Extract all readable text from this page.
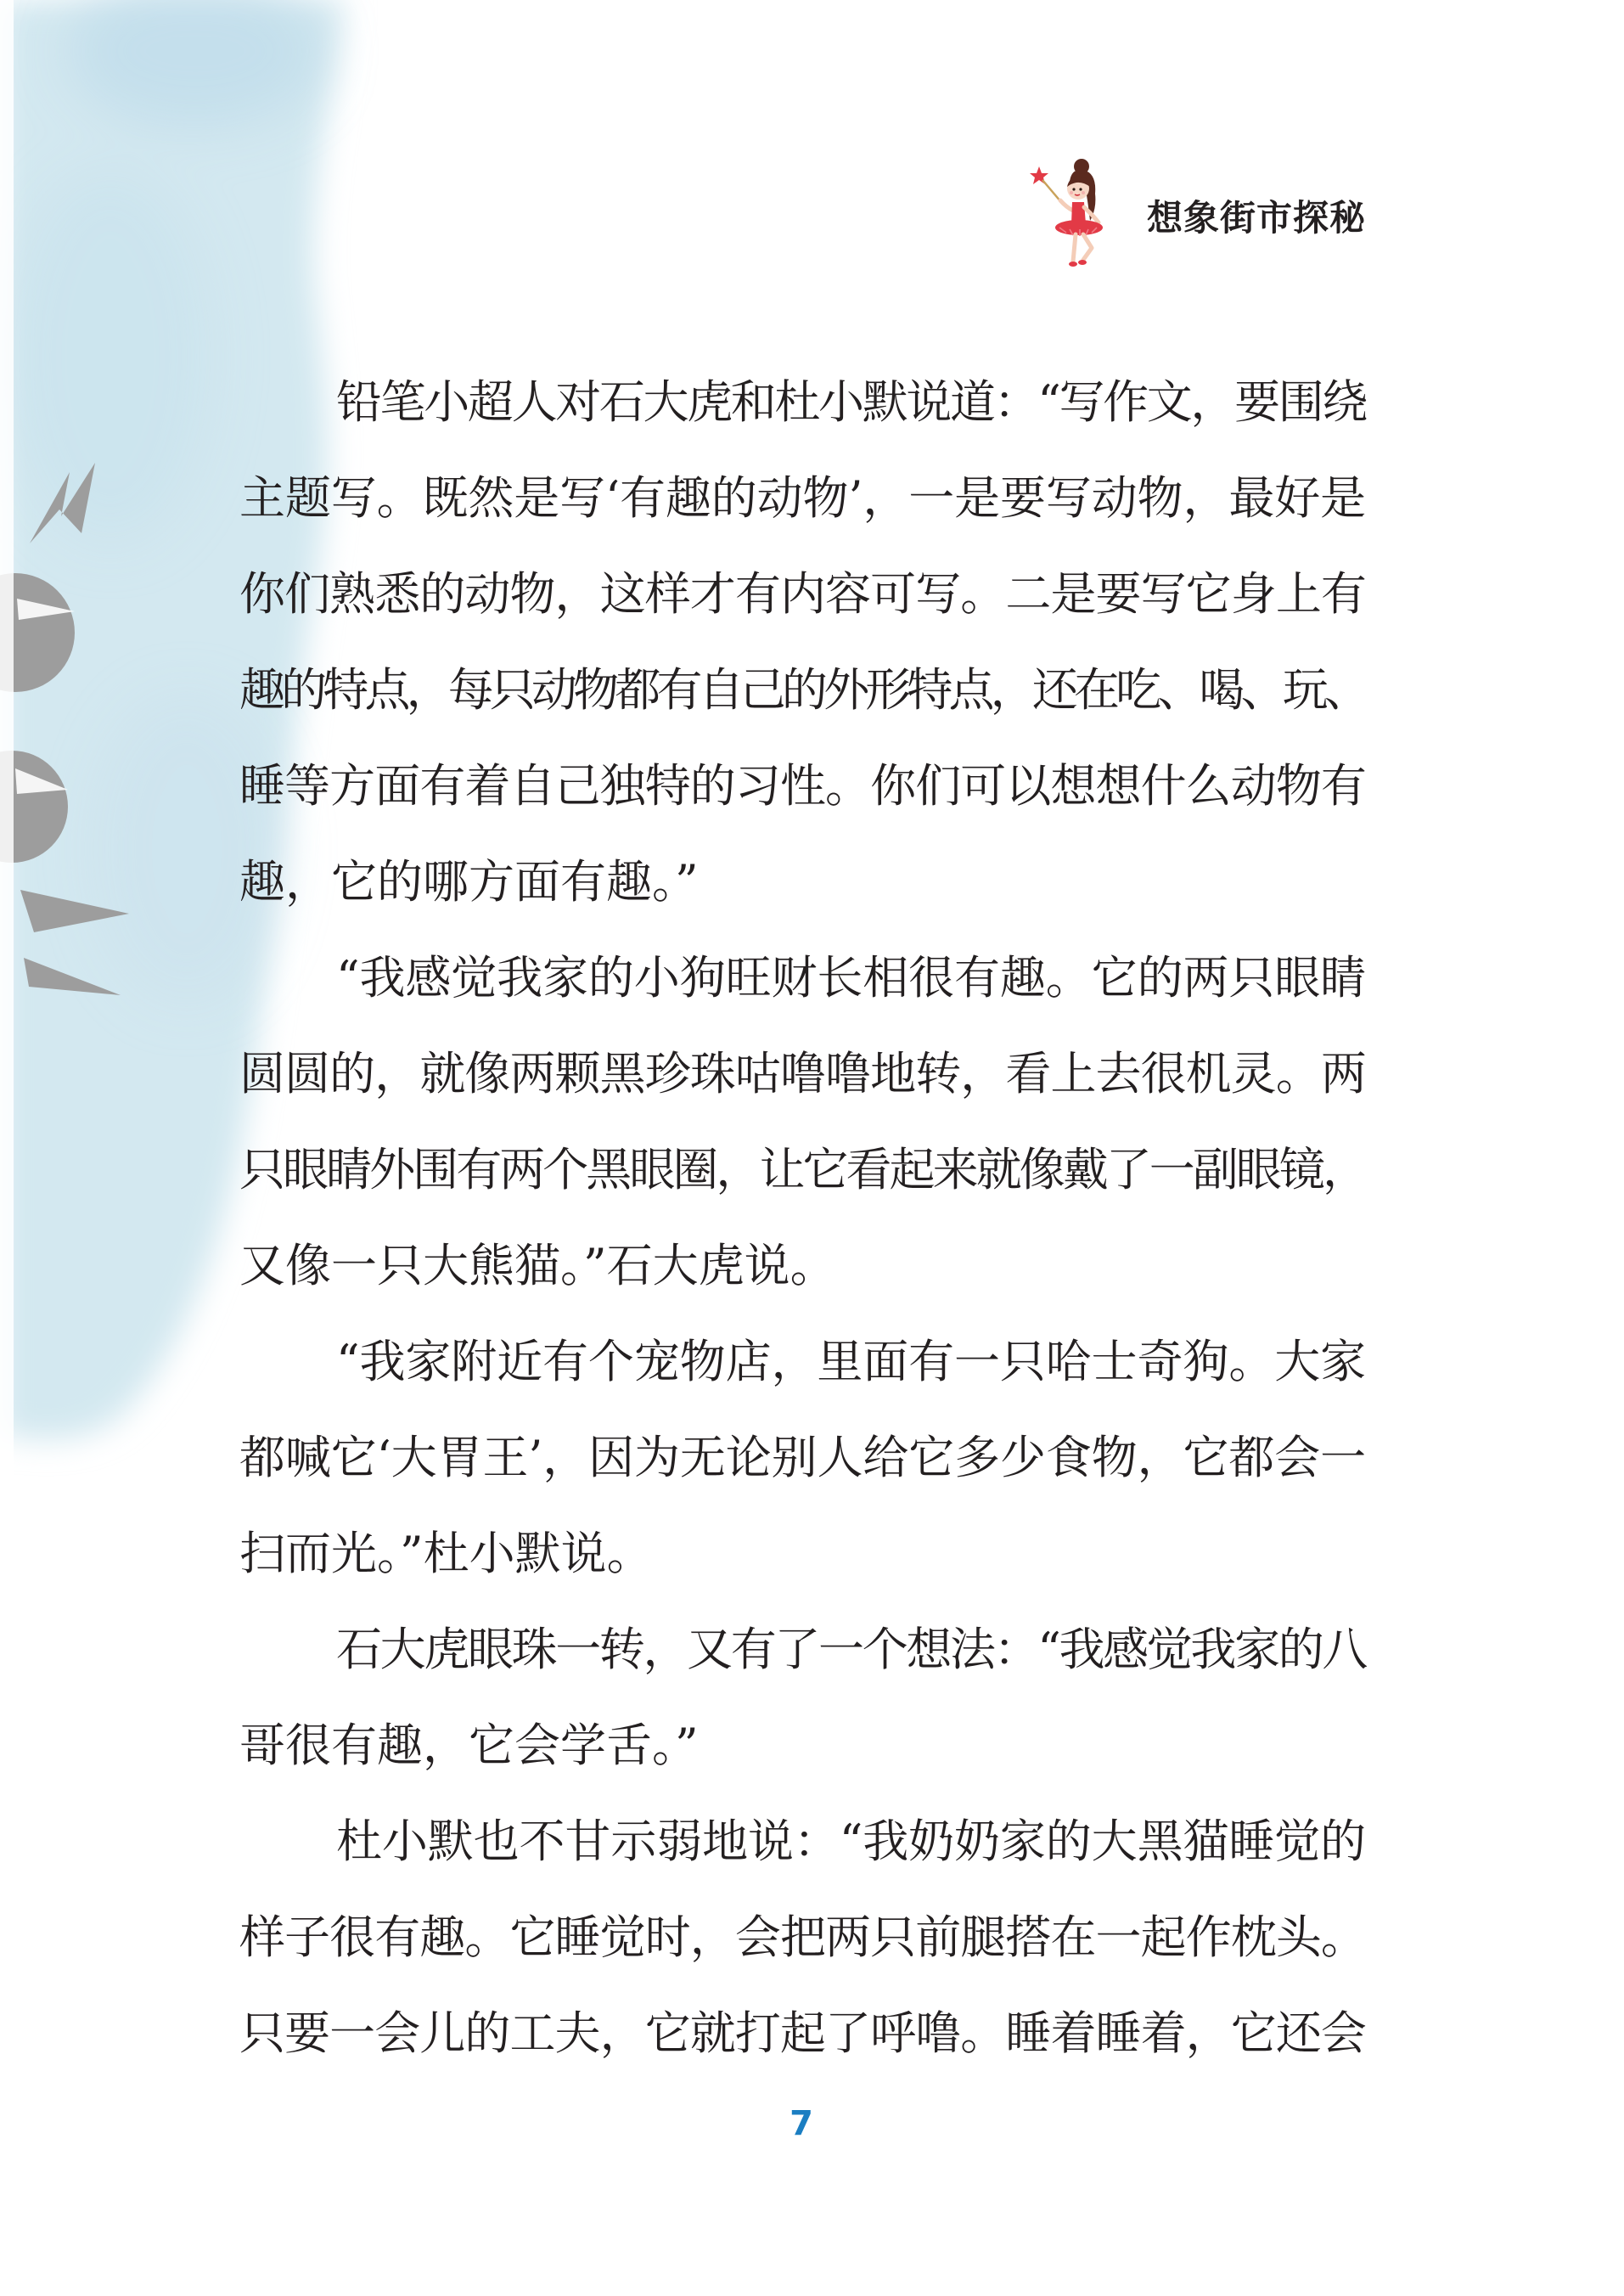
想象街市探秘
铅笔小超人对石大虎和杜小默说道：“写作文，要围绕
主题写。既然是写‘有趣的动物’，一是要写动物，最好是
你们熟悉的动物，这样才有内容可写。二是要写它身上有
趣的特点，每只动物都有自己的外形特点，还在吃、喝、玩、
睡等方面有着自己独特的习性。你们可以想想什么动物有
趣，它的哪方面有趣。”
“我感觉我家的小狗旺财长相很有趣。它的两只眼睛
圆圆的，就像两颗黑珍珠咕噜噜地转，看上去很机灵。两
只眼睛外围有两个黑眼圈，让它看起来就像戴了一副眼镜，
又像一只大熊猫。”石大虎说。
“我家附近有个宠物店，里面有一只哈士奇狗。大家
都喊它‘大胃王’，因为无论别人给它多少食物，它都会一
扫而光。”杜小默说。
石大虎眼珠一转，又有了一个想法：“我感觉我家的八
哥很有趣，它会学舌。”
杜小默也不甘示弱地说：“我奶奶家的大黑猫睡觉的
样子很有趣。它睡觉时，会把两只前腿搭在一起作枕头。
只要一会儿的工夫，它就打起了呼噜。睡着睡着，它还会
7
